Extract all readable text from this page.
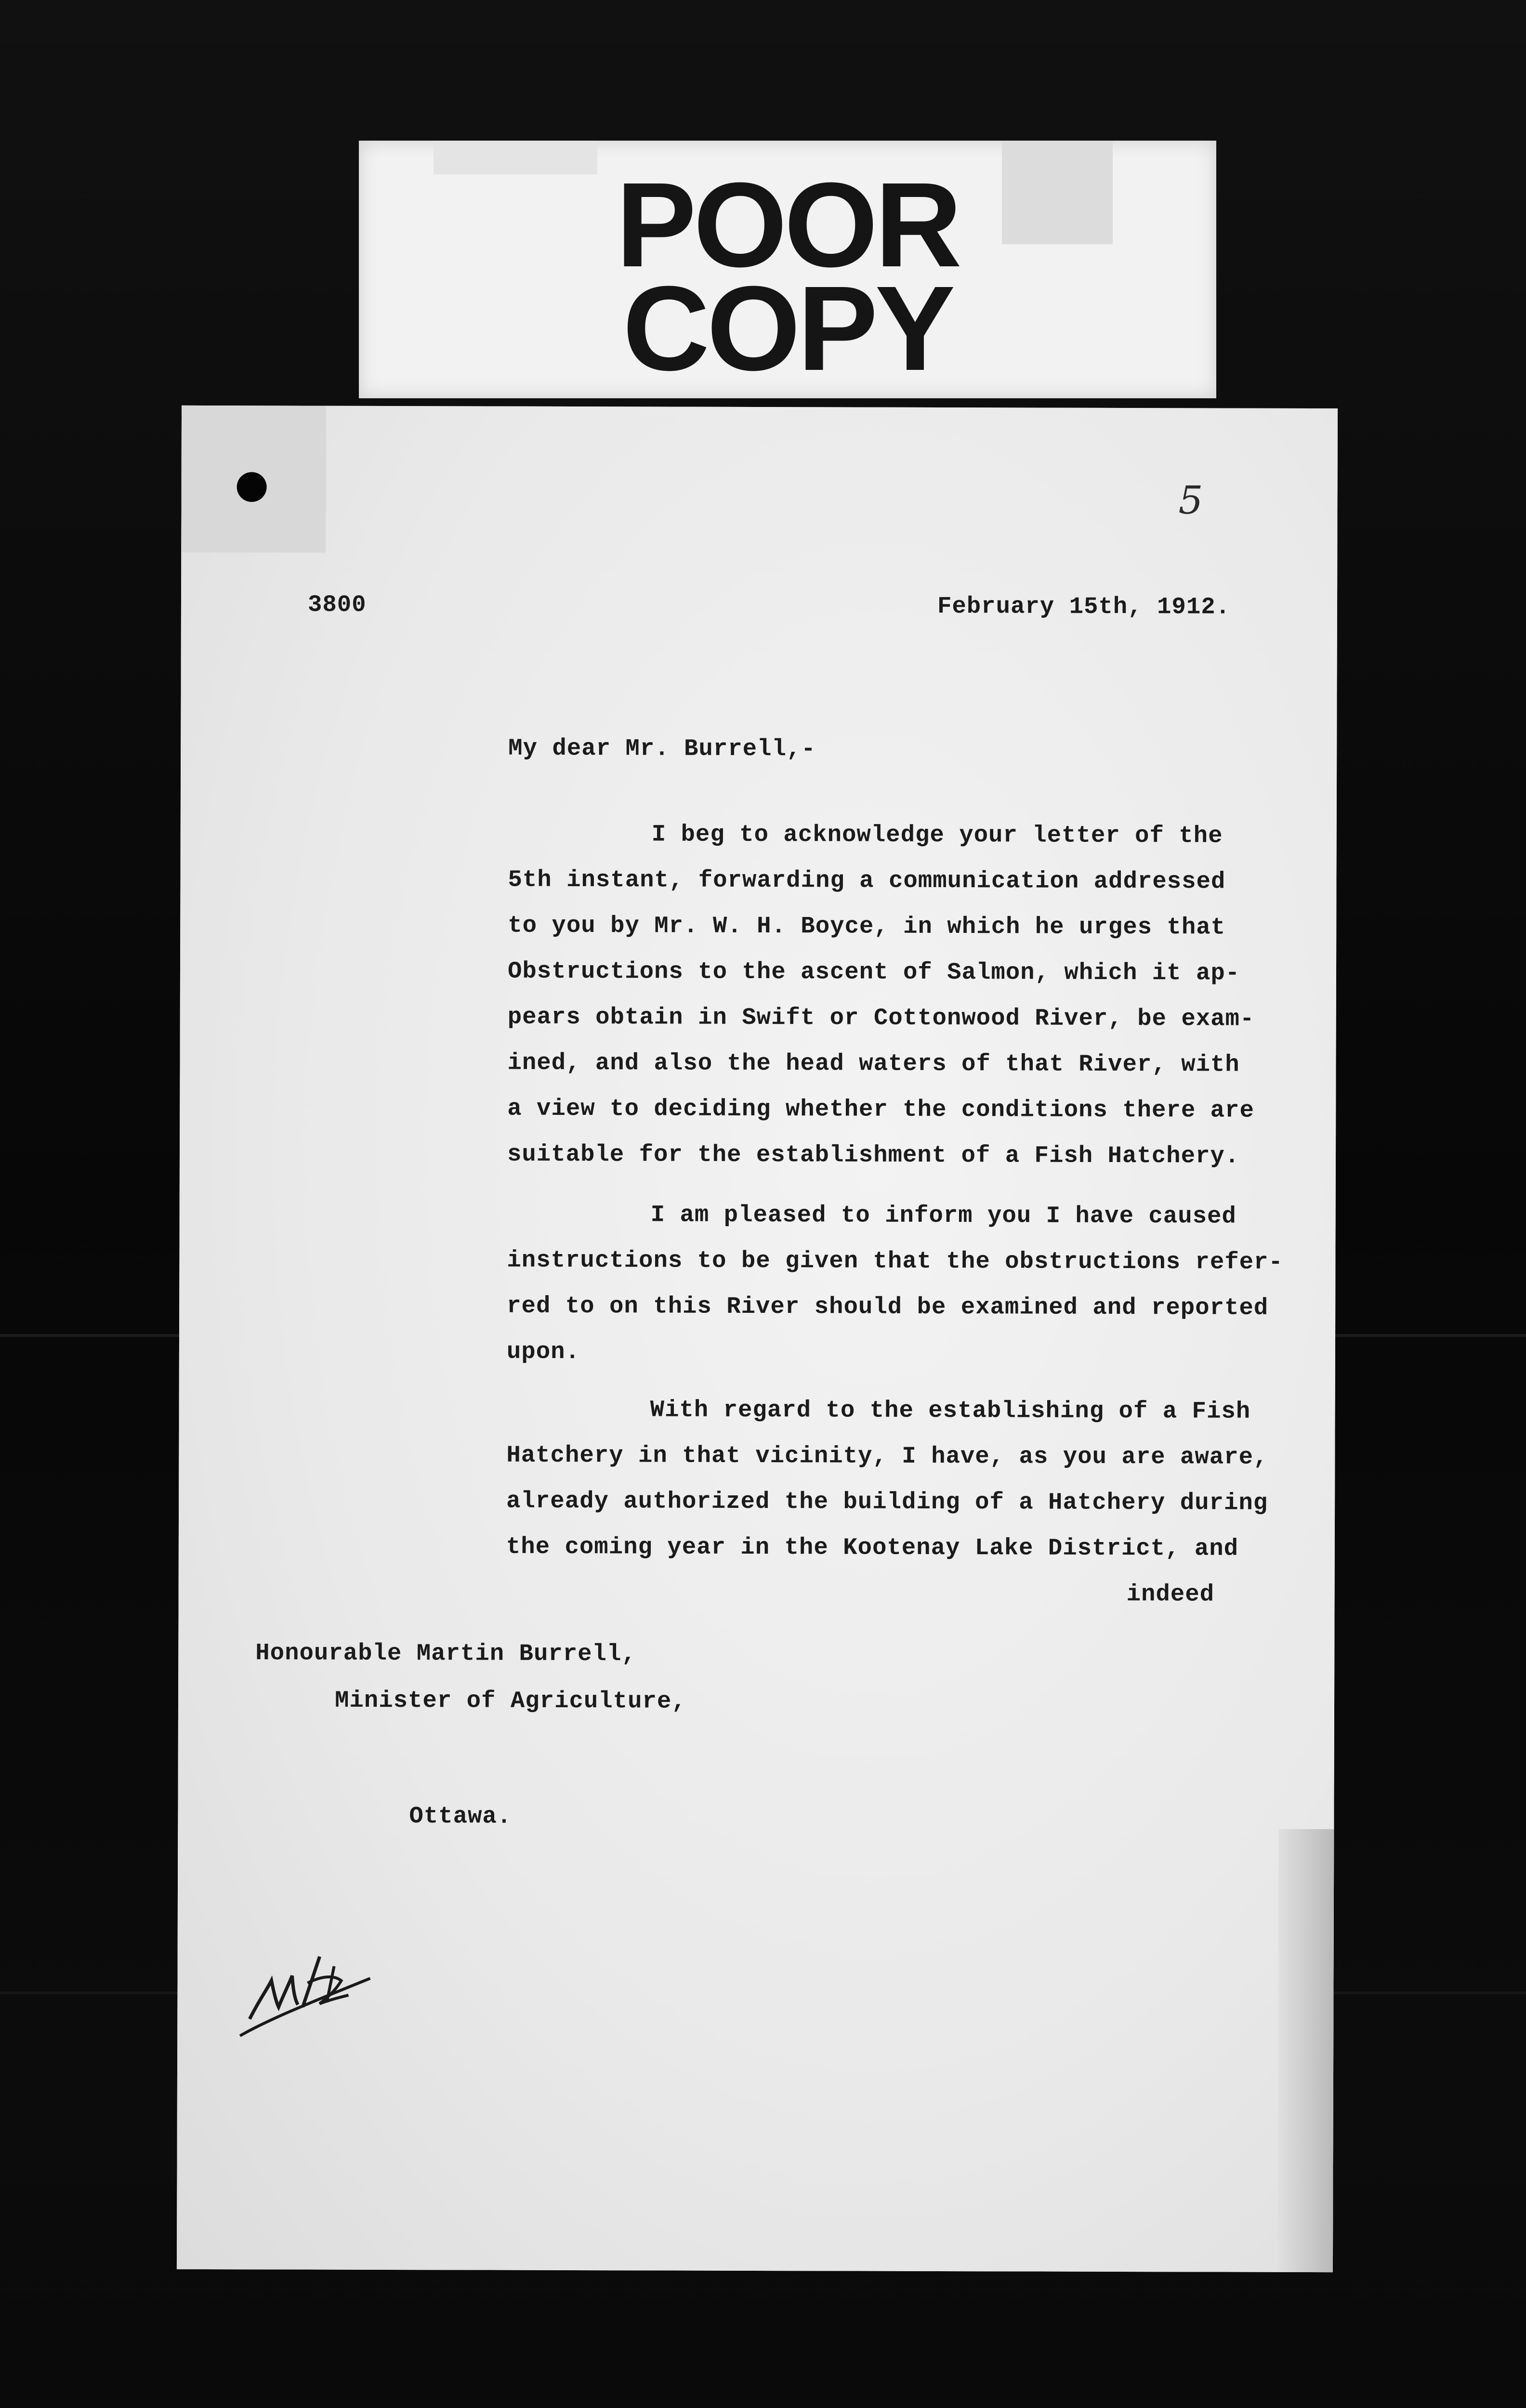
POOR
COPY
5
3800	February 15th, 1912.
My dear Mr. Burrell,-
I beg to acknowledge your letter of the
5th instant, forwarding a communication addressed
to you by Mr. W. H. Boyce, in which he urges that
Obstructions to the ascent of Salmon, which it ap-
pears obtain in Swift or Cottonwood River, be exam-
ined, and also the head waters of that River, with
a view to deciding whether the conditions there are
suitable for the establishment of a Fish Hatchery.
I am pleased to inform you I have caused
instructions to be given that the obstructions refer-
red to on this River should be examined and reported
upon.
With regard to the establishing of a Fish
Hatchery in that vicinity, I have, as you are aware,
already authorized the building of a Hatchery during
the coming year in the Kootenay Lake District, and
indeed
Honourable Martin Burrell,
Minister of Agriculture,
Ottawa.
